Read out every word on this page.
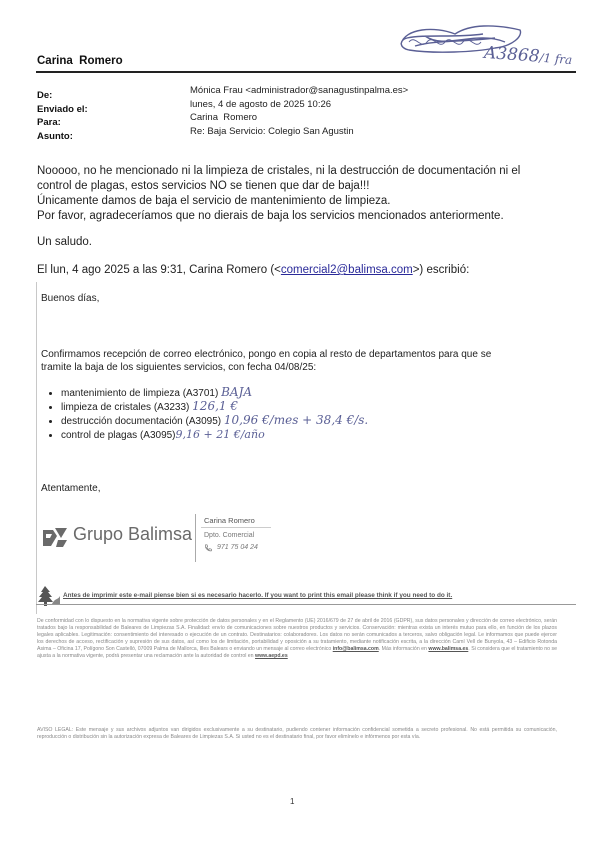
A3868/1 fra
Carina  Romero
De:	Mónica Frau <administrador@sanagustinpalma.es>
Enviado el:	lunes, 4 de agosto de 2025 10:26
Para:	Carina  Romero
Asunto:	Re: Baja Servicio: Colegio San Agustin
Nooooo, no he mencionado ni la limpieza de cristales, ni la destrucción de documentación ni el
control de plagas, estos servicios NO se tienen que dar de baja!!!
Únicamente damos de baja el servicio de mantenimiento de limpieza.
Por favor, agradeceríamos que no dierais de baja los servicios mencionados anteriormente.
Un saludo.
El lun, 4 ago 2025 a las 9:31, Carina Romero (<comercial2@balimsa.com>) escribió:
Buenos días,
Confirmamos recepción de correo electrónico, pongo en copia al resto de departamentos para que se
tramite la baja de los siguientes servicios, con fecha 04/08/25:
• mantenimiento de limpieza (A3701) BAJA
• limpieza de cristales (A3233) 126,1 €
• destrucción documentación (A3095) 10,96 €/mes + 38,4 €/s.
• control de plagas (A3095)9,16 + 21 €/año
Atentamente,
Grupo Balimsa
Carina Romero
Dpto. Comercial
971 75 04 24
Antes de imprimir este e-mail piense bien si es necesario hacerlo. If you want to print this email please think if you need to do it.
De conformidad con lo dispuesto en la normativa vigente sobre protección de datos personales y en el Reglamento (UE) 2016/679 de 27 de abril de 2016 (GDPR), sus datos personales y dirección de correo electrónico, serán tratados bajo la responsabilidad de Baleares de Limpiezas S.A. Finalidad: envío de comunicaciones sobre nuestros productos y servicios. Conservación: mientras exista un interés mutuo para ello, en función de los plazos legales aplicables. Legitimación: consentimiento del interesado o ejecución de un contrato. Destinatarios: colaboradores. Los datos no serán comunicados a terceros, salvo obligación legal. Le informamos que puede ejercer los derechos de acceso, rectificación y supresión de sus datos, así como los de limitación, portabilidad y oposición a su tratamiento, mediante notificación escrita, a la dirección Camí Vell de Bunyola, 43 – Edificio Rotonda Asima – Oficina 17, Polígono Son Castelló, 07009 Palma de Mallorca, Illes Balears o enviando un mensaje al correo electrónico info@balimsa.com. Más información en www.balimsa.es. Si considera que el tratamiento no se ajusta a la normativa vigente, podrá presentar una reclamación ante la autoridad de control en www.aepd.es
AVISO LEGAL: Este mensaje y sus archivos adjuntos van dirigidos exclusivamente a su destinatario, pudiendo contener información confidencial sometida a secreto profesional. No está permitida su comunicación, reproducción o distribución sin la autorización expresa de Baleares de Limpiezas S.A. Si usted no es el destinatario final, por favor elimínelo e infórmenos por esta vía.
1
